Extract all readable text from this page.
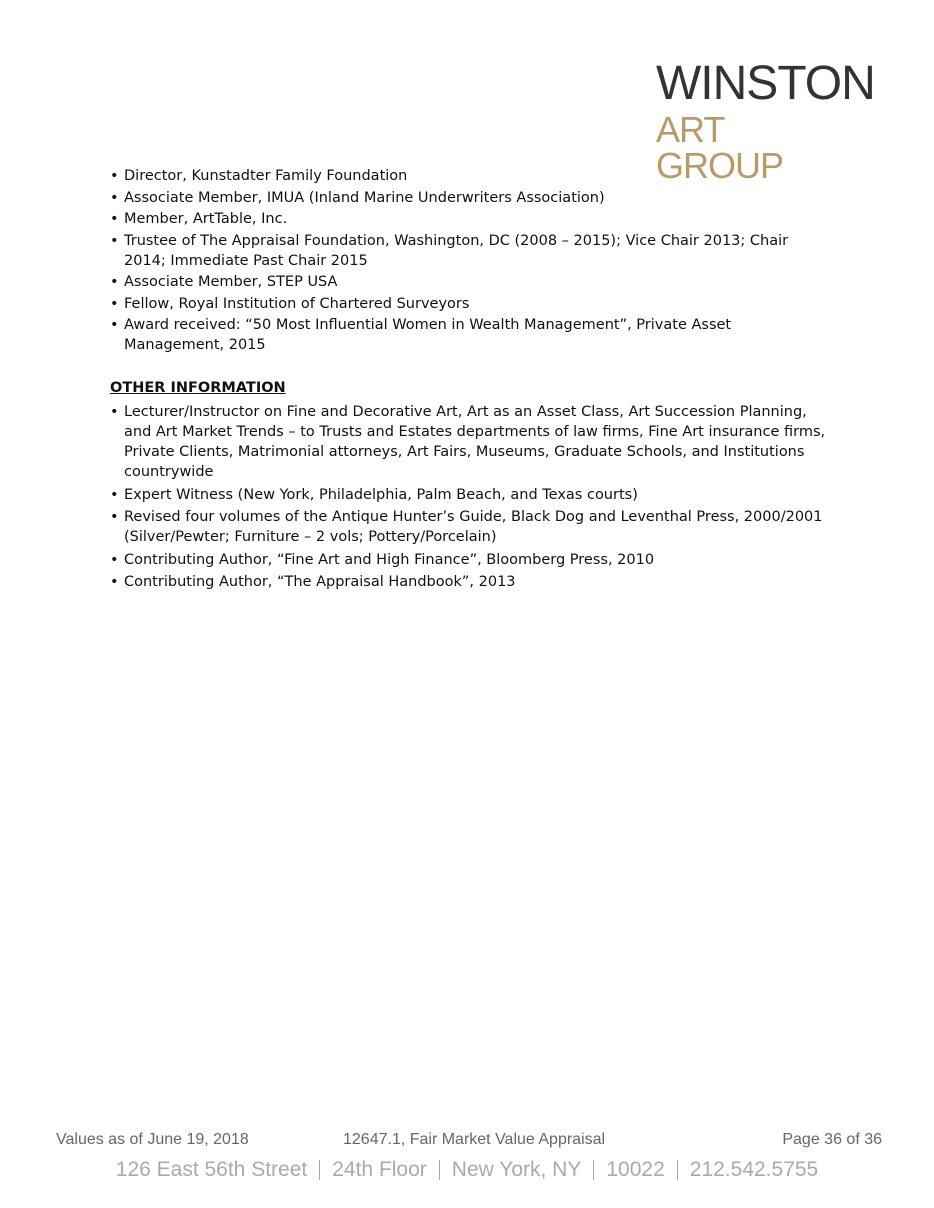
WINSTON
ART GROUP
• Director, Kunstadter Family Foundation
• Associate Member, IMUA (Inland Marine Underwriters Association)
• Member, ArtTable, Inc.
• Trustee of The Appraisal Foundation, Washington, DC (2008 – 2015); Vice Chair 2013; Chair 2014; Immediate Past Chair 2015
• Associate Member, STEP USA
• Fellow, Royal Institution of Chartered Surveyors
• Award received: “50 Most Influential Women in Wealth Management”, Private Asset Management, 2015
OTHER INFORMATION
• Lecturer/Instructor on Fine and Decorative Art, Art as an Asset Class, Art Succession Planning, and Art Market Trends – to Trusts and Estates departments of law firms, Fine Art insurance firms, Private Clients, Matrimonial attorneys, Art Fairs, Museums, Graduate Schools, and Institutions countrywide
• Expert Witness (New York, Philadelphia, Palm Beach, and Texas courts)
• Revised four volumes of the Antique Hunter’s Guide, Black Dog and Leventhal Press, 2000/2001 (Silver/Pewter; Furniture – 2 vols; Pottery/Porcelain)
• Contributing Author, “Fine Art and High Finance”, Bloomberg Press, 2010
• Contributing Author, “The Appraisal Handbook”, 2013
Values as of June 19, 2018	12647.1, Fair Market Value Appraisal	Page 36 of 36
126 East 56th Street 24th Floor New York, NY 10022 212.542.5755
